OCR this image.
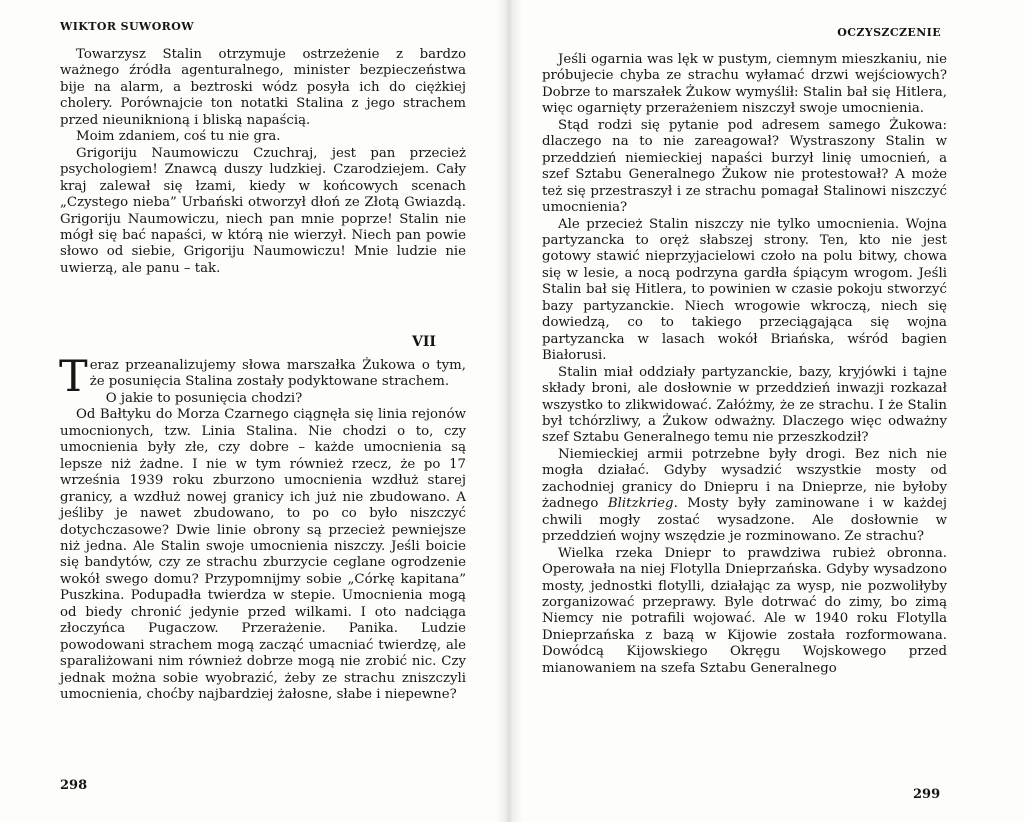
WIKTOR SUWOROW

Towarzysz Stalin otrzymuje ostrzeżenie z bardzo ważnego źródła agenturalnego, minister bezpieczeństwa bije na alarm, a beztroski wódz posyła ich do ciężkiej cholery. Porównajcie ton notatki Stalina z jego strachem przed nieuniknioną i bliską napaścią.

Moim zdaniem, coś tu nie gra.

Grigoriju Naumowiczu Czuchraj, jest pan przecież psychologiem! Znawcą duszy ludzkiej. Czarodziejem. Cały kraj zalewał się łzami, kiedy w końcowych scenach „Czystego nieba” Urbański otworzył dłoń ze Złotą Gwiazdą. Grigoriju Naumowiczu, niech pan mnie poprze! Stalin nie mógł się bać napaści, w którą nie wierzył. Niech pan powie słowo od siebie, Grigoriju Naumowiczu! Mnie ludzie nie uwierzą, ale panu – tak.

VII

Teraz przeanalizujemy słowa marszałka Żukowa o tym, że posunięcia Stalina zostały podyktowane strachem.

O jakie to posunięcia chodzi?

Od Bałtyku do Morza Czarnego ciągnęła się linia rejonów umocnionych, tzw. Linia Stalina. Nie chodzi o to, czy umocnienia były złe, czy dobre – każde umocnienia są lepsze niż żadne. I nie w tym również rzecz, że po 17 września 1939 roku zburzono umocnienia wzdłuż starej granicy, a wzdłuż nowej granicy ich już nie zbudowano. A jeśliby je nawet zbudowano, to po co było niszczyć dotychczasowe? Dwie linie obrony są przecież pewniejsze niż jedna. Ale Stalin swoje umocnienia niszczy. Jeśli boicie się bandytów, czy ze strachu zburzycie ceglane ogrodzenie wokół swego domu? Przypomnijmy sobie „Córkę kapitana” Puszkina. Podupadła twierdza w stepie. Umocnienia mogą od biedy chronić jedynie przed wilkami. I oto nadciąga złoczyńca Pugaczow. Przerażenie. Panika. Ludzie powodowani strachem mogą zacząć umacniać twierdzę, ale sparaliżowani nim również dobrze mogą nie zrobić nic. Czy jednak można sobie wyobrazić, żeby ze strachu zniszczyli umocnienia, choćby najbardziej żałosne, słabe i niepewne?

298
OCZYSZCZENIE

Jeśli ogarnia was lęk w pustym, ciemnym mieszkaniu, nie próbujecie chyba ze strachu wyłamać drzwi wejściowych? Dobrze to marszałek Żukow wymyślił: Stalin bał się Hitlera, więc ogarnięty przerażeniem niszczył swoje umocnienia.

Stąd rodzi się pytanie pod adresem samego Żukowa: dlaczego na to nie zareagował? Wystraszony Stalin w przeddzień niemieckiej napaści burzył linię umocnień, a szef Sztabu Generalnego Żukow nie protestował? A może też się przestraszył i ze strachu pomagał Stalinowi niszczyć umocnienia?

Ale przecież Stalin niszczy nie tylko umocnienia. Wojna partyzancka to oręż słabszej strony. Ten, kto nie jest gotowy stawić nieprzyjacielowi czoło na polu bitwy, chowa się w lesie, a nocą podrzyna gardła śpiącym wrogom. Jeśli Stalin bał się Hitlera, to powinien w czasie pokoju stworzyć bazy partyzanckie. Niech wrogowie wkroczą, niech się dowiedzą, co to takiego przeciągająca się wojna partyzancka w lasach wokół Briańska, wśród bagien Białorusi.

Stalin miał oddziały partyzanckie, bazy, kryjówki i tajne składy broni, ale dosłownie w przeddzień inwazji rozkazał wszystko to zlikwidować. Załóżmy, że ze strachu. I że Stalin był tchórzliwy, a Żukow odważny. Dlaczego więc odważny szef Sztabu Generalnego temu nie przeszkodził?

Niemieckiej armii potrzebne były drogi. Bez nich nie mogła działać. Gdyby wysadzić wszystkie mosty od zachodniej granicy do Dniepru i na Dnieprze, nie byłoby żadnego Blitzkrieg. Mosty były zaminowane i w każdej chwili mogły zostać wysadzone. Ale dosłownie w przeddzień wojny wszędzie je rozminowano. Ze strachu?

Wielka rzeka Dniepr to prawdziwa rubież obronna. Operowała na niej Flotylla Dnieprzańska. Gdyby wysadzono mosty, jednostki flotylli, działając za wysp, nie pozwoliłyby zorganizować przeprawy. Byle dotrwać do zimy, bo zimą Niemcy nie potrafili wojować. Ale w 1940 roku Flotylla Dnieprzańska z bazą w Kijowie została rozformowana. Dowódcą Kijowskiego Okręgu Wojskowego przed mianowaniem na szefa Sztabu Generalnego

299
